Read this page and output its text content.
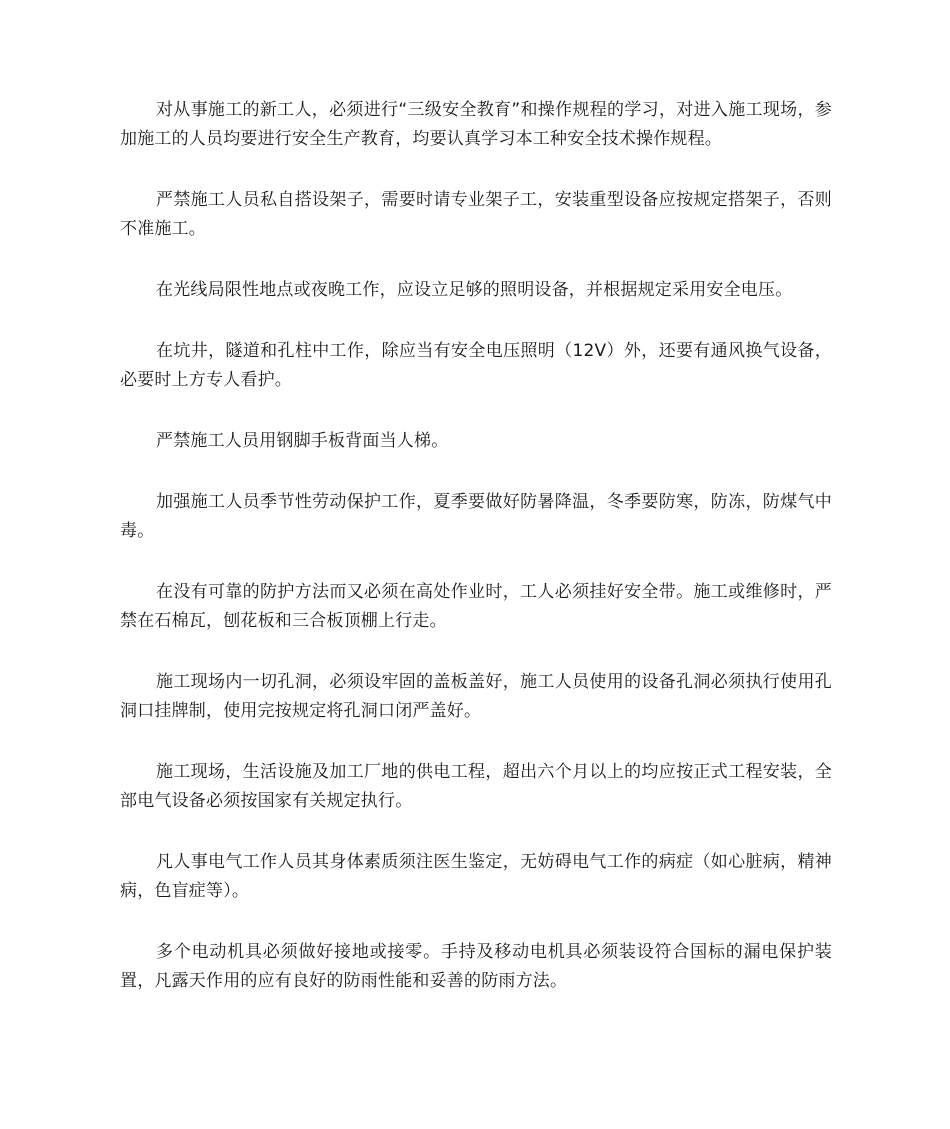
对从事施工的新工人，必须进行“三级安全教育”和操作规程的学习，对进入施工现场，参加施工的人员均要进行安全生产教育，均要认真学习本工种安全技术操作规程。

严禁施工人员私自搭设架子，需要时请专业架子工，安装重型设备应按规定搭架子，否则不准施工。

在光线局限性地点或夜晚工作，应设立足够的照明设备，并根据规定采用安全电压。

在坑井，隧道和孔柱中工作，除应当有安全电压照明（12V）外，还要有通风换气设备，必要时上方专人看护。

严禁施工人员用钢脚手板背面当人梯。

加强施工人员季节性劳动保护工作，夏季要做好防暑降温，冬季要防寒，防冻，防煤气中毒。

在没有可靠的防护方法而又必须在高处作业时，工人必须挂好安全带。施工或维修时，严禁在石棉瓦，刨花板和三合板顶棚上行走。

施工现场内一切孔洞，必须设牢固的盖板盖好，施工人员使用的设备孔洞必须执行使用孔洞口挂牌制，使用完按规定将孔洞口闭严盖好。

施工现场，生活设施及加工厂地的供电工程，超出六个月以上的均应按正式工程安装，全部电气设备必须按国家有关规定执行。

凡人事电气工作人员其身体素质须注医生鉴定，无妨碍电气工作的病症（如心脏病，精神病，色盲症等）。

多个电动机具必须做好接地或接零。手持及移动电机具必须装设符合国标的漏电保护装置，凡露天作用的应有良好的防雨性能和妥善的防雨方法。
